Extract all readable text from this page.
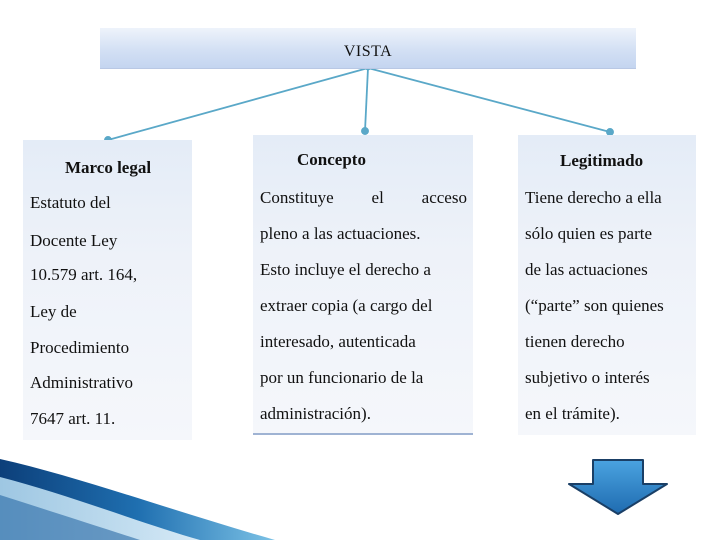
VISTA
Marco legal
Estatuto del
Docente Ley
10.579 art. 164,
Ley de
Procedimiento
Administrativo
7647 art. 11.
Concepto
Constituye el acceso
pleno a las actuaciones.
Esto incluye el derecho a
extraer copia (a cargo del
interesado, autenticada
por un funcionario de la
administración).
Legitimado
Tiene derecho a ella
sólo quien es parte
de las actuaciones
(“parte” son quienes
tienen derecho
subjetivo o interés
en el trámite).
